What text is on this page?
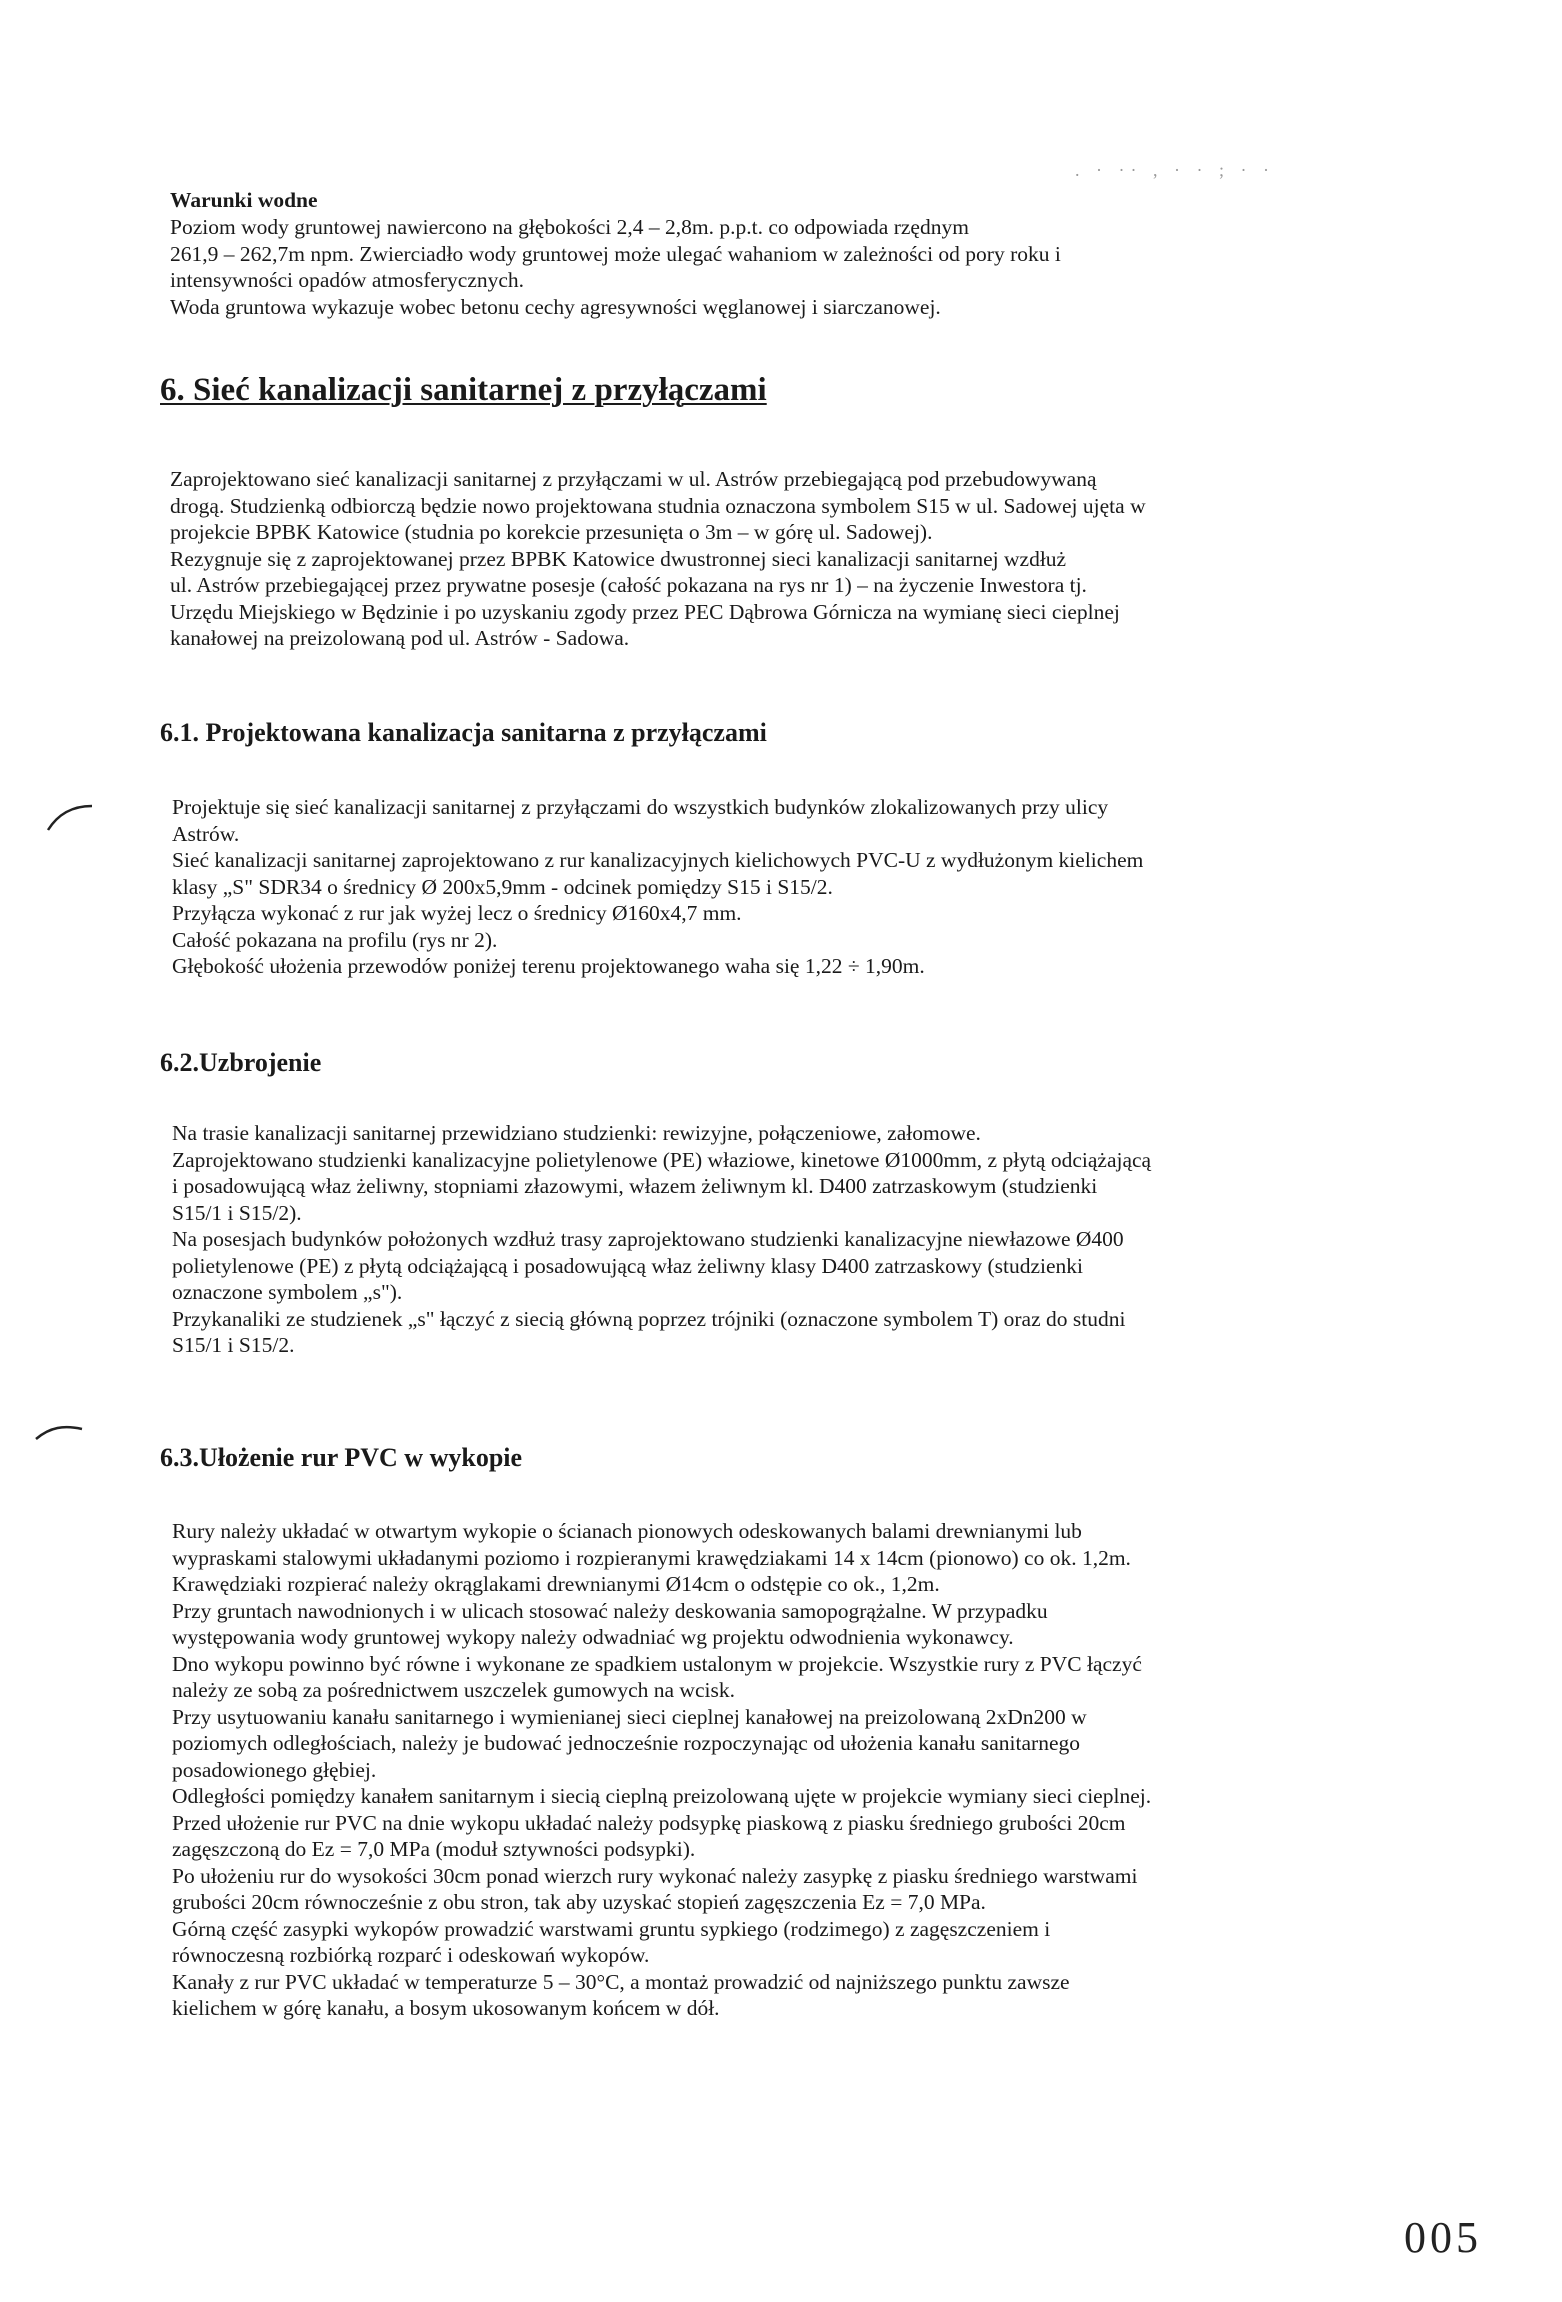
. · ·· , · · ; · ·
Warunki wodne
Poziom wody gruntowej nawiercono na głębokości 2,4 – 2,8m. p.p.t. co odpowiada rzędnym
261,9 – 262,7m npm. Zwierciadło wody gruntowej może ulegać wahaniom w zależności od pory roku i
intensywności opadów atmosferycznych.
Woda gruntowa wykazuje wobec betonu cechy agresywności węglanowej i siarczanowej.
6. Sieć kanalizacji sanitarnej z przyłączami
Zaprojektowano sieć kanalizacji sanitarnej z przyłączami w ul. Astrów przebiegającą pod przebudowywaną
drogą. Studzienką odbiorczą będzie nowo projektowana studnia oznaczona symbolem S15 w ul. Sadowej ujęta w
projekcie BPBK Katowice (studnia po korekcie przesunięta o 3m – w górę ul. Sadowej).
Rezygnuje się z zaprojektowanej przez BPBK Katowice dwustronnej sieci kanalizacji sanitarnej wzdłuż
ul. Astrów przebiegającej przez prywatne posesje (całość pokazana na rys nr 1) – na życzenie Inwestora tj.
Urzędu Miejskiego w Będzinie i po uzyskaniu zgody przez PEC Dąbrowa Górnicza na wymianę sieci cieplnej
kanałowej na preizolowaną pod ul. Astrów - Sadowa.
6.1. Projektowana kanalizacja sanitarna z przyłączami
Projektuje się sieć kanalizacji sanitarnej z przyłączami do wszystkich budynków zlokalizowanych przy ulicy
Astrów.
Sieć kanalizacji sanitarnej zaprojektowano z rur kanalizacyjnych kielichowych PVC-U z wydłużonym kielichem
klasy „S" SDR34 o średnicy Ø 200x5,9mm - odcinek pomiędzy S15 i S15/2.
Przyłącza wykonać z rur jak wyżej lecz o średnicy Ø160x4,7 mm.
Całość pokazana na profilu (rys nr 2).
Głębokość ułożenia przewodów poniżej terenu projektowanego waha się 1,22 ÷ 1,90m.
6.2.Uzbrojenie
Na trasie kanalizacji sanitarnej przewidziano studzienki: rewizyjne, połączeniowe, załomowe.
Zaprojektowano studzienki kanalizacyjne polietylenowe (PE) właziowe, kinetowe Ø1000mm, z płytą odciążającą
i posadowującą właz żeliwny, stopniami złazowymi, włazem żeliwnym kl. D400 zatrzaskowym (studzienki
S15/1 i S15/2).
Na posesjach budynków położonych wzdłuż trasy zaprojektowano studzienki kanalizacyjne niewłazowe Ø400
polietylenowe (PE) z płytą odciążającą i posadowującą właz żeliwny klasy D400 zatrzaskowy (studzienki
oznaczone symbolem „s").
Przykanaliki ze studzienek „s" łączyć z siecią główną poprzez trójniki (oznaczone symbolem T) oraz do studni
S15/1 i S15/2.
6.3.Ułożenie rur PVC w wykopie
Rury należy układać w otwartym wykopie o ścianach pionowych odeskowanych balami drewnianymi lub
wypraskami stalowymi układanymi poziomo i rozpieranymi krawędziakami 14 x 14cm (pionowo) co ok. 1,2m.
Krawędziaki rozpierać należy okrąglakami drewnianymi Ø14cm o odstępie co ok., 1,2m.
Przy gruntach nawodnionych i w ulicach stosować należy deskowania samopogrążalne. W przypadku
występowania wody gruntowej wykopy należy odwadniać wg projektu odwodnienia wykonawcy.
Dno wykopu powinno być równe i wykonane ze spadkiem ustalonym w projekcie. Wszystkie rury z PVC łączyć
należy ze sobą za pośrednictwem uszczelek gumowych na wcisk.
Przy usytuowaniu kanału sanitarnego i wymienianej sieci cieplnej kanałowej na preizolowaną 2xDn200 w
poziomych odległościach, należy je budować jednocześnie rozpoczynając od ułożenia kanału sanitarnego
posadowionego głębiej.
Odległości pomiędzy kanałem sanitarnym i siecią cieplną preizolowaną ujęte w projekcie wymiany sieci cieplnej.
Przed ułożenie rur PVC na dnie wykopu układać należy podsypkę piaskową z piasku średniego grubości 20cm
zagęszczoną do Ez = 7,0 MPa (moduł sztywności podsypki).
Po ułożeniu rur do wysokości 30cm ponad wierzch rury wykonać należy zasypkę z piasku średniego warstwami
grubości 20cm równocześnie z obu stron, tak aby uzyskać stopień zagęszczenia Ez = 7,0 MPa.
Górną część zasypki wykopów prowadzić warstwami gruntu sypkiego (rodzimego) z zagęszczeniem i
równoczesną rozbiórką rozparć i odeskowań wykopów.
Kanały z rur PVC układać w temperaturze 5 – 30°C, a montaż prowadzić od najniższego punktu zawsze
kielichem w górę kanału, a bosym ukosowanym końcem w dół.
005
